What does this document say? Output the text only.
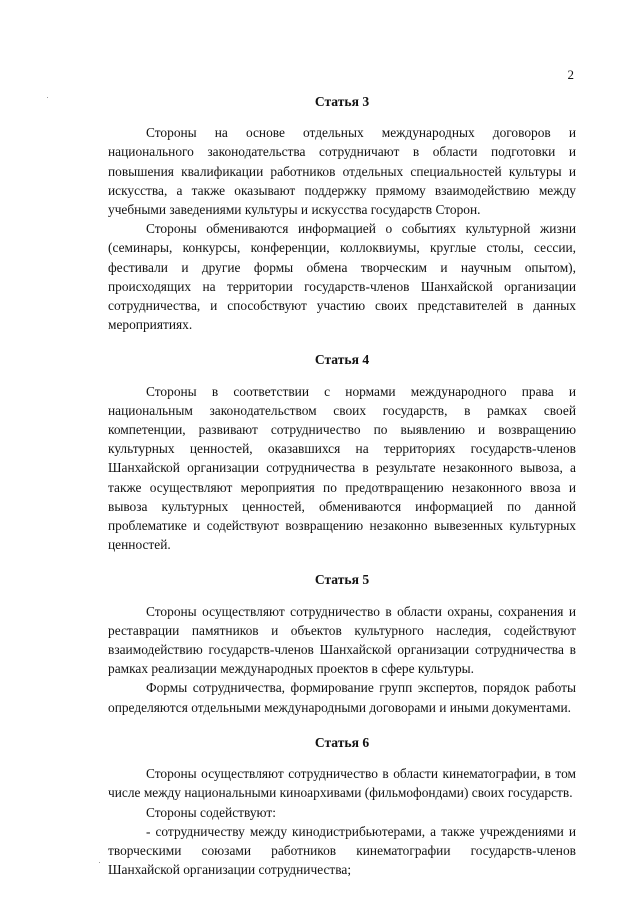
2
Статья 3

Стороны на основе отдельных международных договоров и национального законодательства сотрудничают в области подготовки и повышения квалификации работников отдельных специальностей культуры и искусства, а также оказывают поддержку прямому взаимодействию между учебными заведениями культуры и искусства государств Сторон.

Стороны обмениваются информацией о событиях культурной жизни (семинары, конкурсы, конференции, коллоквиумы, круглые столы, сессии, фестивали и другие формы обмена творческим и научным опытом), происходящих на территории государств-членов Шанхайской организации сотрудничества, и способствуют участию своих представителей в данных мероприятиях.

Статья 4

Стороны в соответствии с нормами международного права и национальным законодательством своих государств, в рамках своей компетенции, развивают сотрудничество по выявлению и возвращению культурных ценностей, оказавшихся на территориях государств-членов Шанхайской организации сотрудничества в результате незаконного вывоза, а также осуществляют мероприятия по предотвращению незаконного ввоза и вывоза культурных ценностей, обмениваются информацией по данной проблематике и содействуют возвращению незаконно вывезенных культурных ценностей.

Статья 5

Стороны осуществляют сотрудничество в области охраны, сохранения и реставрации памятников и объектов культурного наследия, содействуют взаимодействию государств-членов Шанхайской организации сотрудничества в рамках реализации международных проектов в сфере культуры.

Формы сотрудничества, формирование групп экспертов, порядок работы определяются отдельными международными договорами и иными документами.

Статья 6

Стороны осуществляют сотрудничество в области кинематографии, в том числе между национальными киноархивами (фильмофондами) своих государств.

Стороны содействуют:

- сотрудничеству между кинодистрибьютерами, а также учреждениями и творческими союзами работников кинематографии государств-членов Шанхайской организации сотрудничества;
